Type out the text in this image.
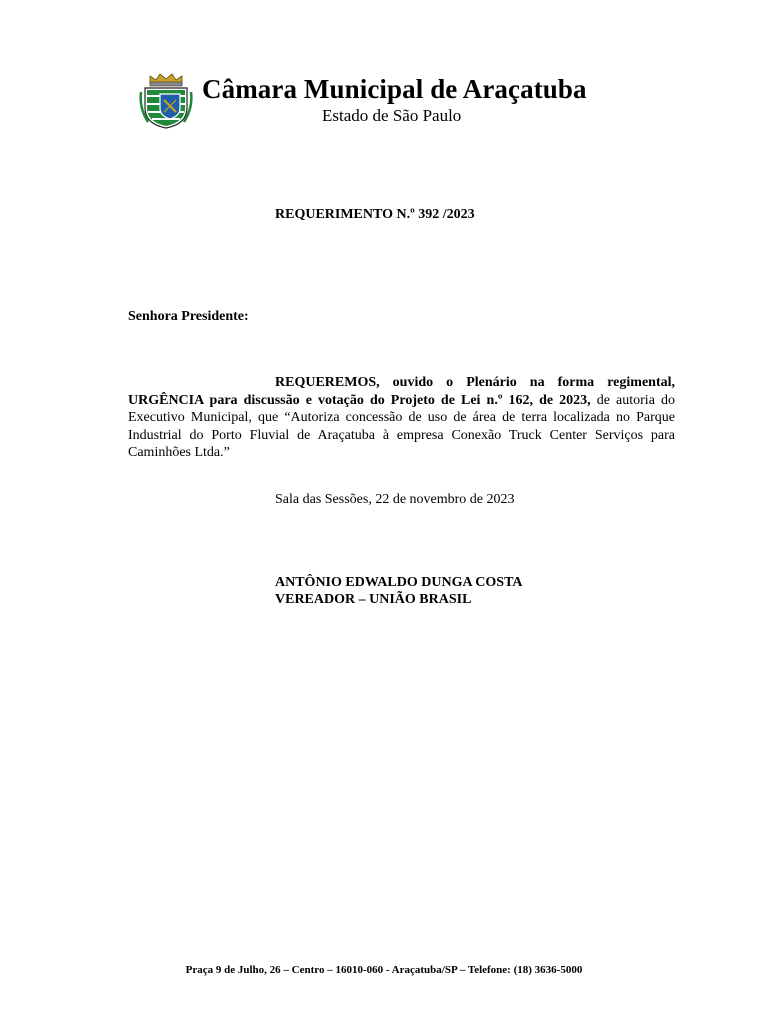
Câmara Municipal de Araçatuba
Estado de São Paulo
REQUERIMENTO N.º 392 /2023
Senhora Presidente:
REQUEREMOS, ouvido o Plenário na forma regimental, URGÊNCIA para discussão e votação do Projeto de Lei n.º 162, de 2023, de autoria do Executivo Municipal, que “Autoriza concessão de uso de área de terra localizada no Parque Industrial do Porto Fluvial de Araçatuba à empresa Conexão Truck Center Serviços para Caminhões Ltda.”
Sala das Sessões, 22 de novembro de 2023
ANTÔNIO EDWALDO DUNGA COSTA
VEREADOR – UNIÃO BRASIL
Praça 9 de Julho, 26 – Centro – 16010-060 - Araçatuba/SP – Telefone: (18) 3636-5000
